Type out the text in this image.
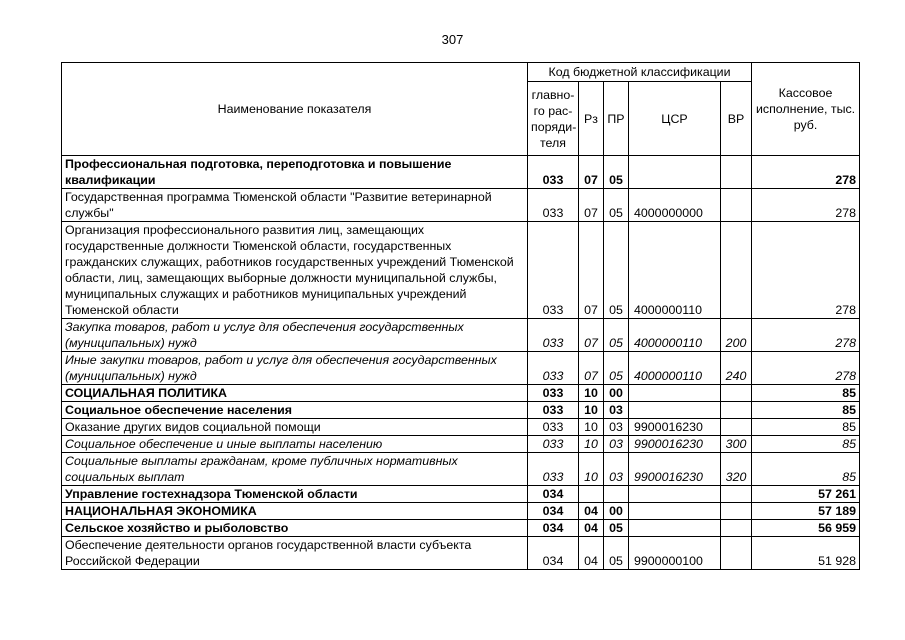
307
Наименование показателя	Код бюджетной классификации					Кассовое исполнение, тыс. руб.
	главно-го рас-поряди-теля	Рз	ПР	ЦСР	ВР	
Профессиональная подготовка, переподготовка и повышение квалификации	033	07	05			278
Государственная программа Тюменской области "Развитие ветеринарной службы"	033	07	05	4000000000		278
Организация профессионального развития лиц, замещающих государственные должности Тюменской области, государственных гражданских служащих, работников государственных учреждений Тюменской области, лиц, замещающих выборные должности муниципальной службы, муниципальных служащих и работников муниципальных учреждений Тюменской области	033	07	05	4000000110		278
Закупка товаров, работ и услуг для обеспечения государственных (муниципальных) нужд	033	07	05	4000000110	200	278
Иные закупки товаров, работ и услуг для обеспечения государственных (муниципальных) нужд	033	07	05	4000000110	240	278
СОЦИАЛЬНАЯ ПОЛИТИКА	033	10	00			85
Социальное обеспечение населения	033	10	03			85
Оказание других видов социальной помощи	033	10	03	9900016230		85
Социальное обеспечение и иные выплаты населению	033	10	03	9900016230	300	85
Социальные выплаты гражданам, кроме публичных нормативных социальных выплат	033	10	03	9900016230	320	85
Управление гостехнадзора Тюменской области	034					57 261
НАЦИОНАЛЬНАЯ ЭКОНОМИКА	034	04	00			57 189
Сельское хозяйство и рыболовство	034	04	05			56 959
Обеспечение деятельности органов государственной власти субъекта Российской Федерации	034	04	05	9900000100		51 928
